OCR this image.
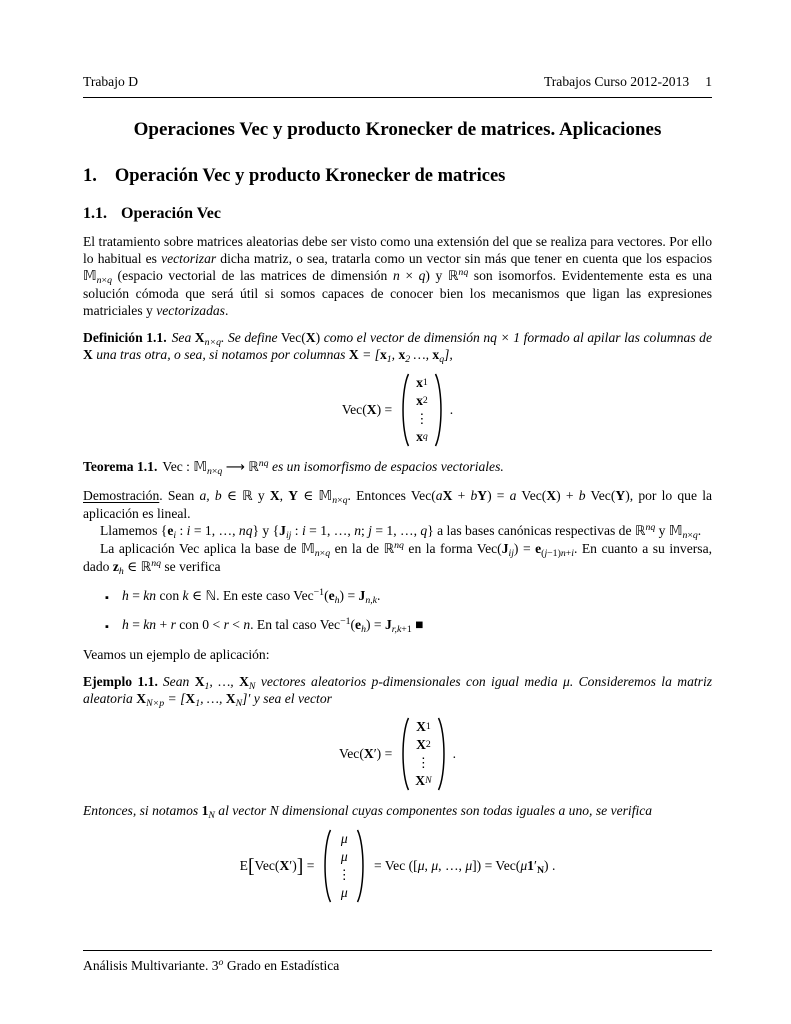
Trabajo D	Trabajos Curso 2012-2013 1
Operaciones Vec y producto Kronecker de matrices. Aplicaciones
1. Operación Vec y producto Kronecker de matrices
1.1. Operación Vec

El tratamiento sobre matrices aleatorias debe ser visto como una extensión del que se realiza para vectores. Por ello lo habitual es vectorizar dicha matriz, o sea, tratarla como un vector sin más que tener en cuenta que los espacios 𝕄$_{n\times q}$ (espacio vectorial de las matrices de dimensión n × q) y ℝ$^{nq}$ son isomorfos. Evidentemente esta es una solución cómoda que será útil si somos capaces de conocer bien los mecanismos que ligan las expresiones matriciales y vectorizadas.

Definición 1.1. Sea $X_{n\times q}$. Se define Vec(X) como el vector de dimensión nq × 1 formado al apilar las columnas de X una tras otra, o sea, si notamos por columnas $X = [x_1$, $x_2$ …, $x_q$],

Vec(X) =
x 1
x 2
⋮
x q
.

Teorema 1.1. Vec : 𝕄$_{n\times q}$ ⟶ ℝ$^{nq}$ es un isomorfismo de espacios vectoriales.

Demostración. Sean a, b ∈ ℝ y X, Y ∈ 𝕄$_{n\times q}$. Entonces Vec(aX + bY) = a Vec(X) + b Vec(Y), por lo que la aplicación es lineal.

Llamemos {$e_i$ : i = 1, …, nq} y {$J_{ij}$ : i = 1, …, n; j = 1, …, q} a las bases canónicas respectivas de ℝ$^{nq}$ y 𝕄$_{n\times q}$.

La aplicación Vec aplica la base de 𝕄$_{n\times q}$ en la de ℝ$^{nq}$ en la forma $Vec(J_{ij}) = e_{(j-1)n+i}$. En cuanto a su inversa, dado $z_h$ ∈ ℝ$^{nq}$ se verifica

▪ h = kn con k ∈ ℕ. En este caso $Vec^{-1}(e_h) = J_{n,k}$.
▪ h = kn + r con 0 < r < n. En tal caso $Vec^{-1}(e_h) = J_{r,k+1}$ ■

Veamos un ejemplo de aplicación:

Ejemplo 1.1. Sean $X_1$, …, $X_N$ vectores aleatorios p-dimensionales con igual media μ. Consideremos la matriz aleatoria $X_{N\times p} = [X_1$, …, $X_N]'$ y sea el vector

Vec(X′) =
X 1
X 2
⋮
X N
.

Entonces, si notamos $1_N$ al vector N dimensional cuyas componentes son todas iguales a uno, se verifica

E[Vec(X′)] =
μ
μ
⋮
μ
= Vec ([μ, μ, …, $\mu]) = Vec(\mu 1'_N)$ .
Análisis Multivariante. 3$^o$ Grado en Estadística
